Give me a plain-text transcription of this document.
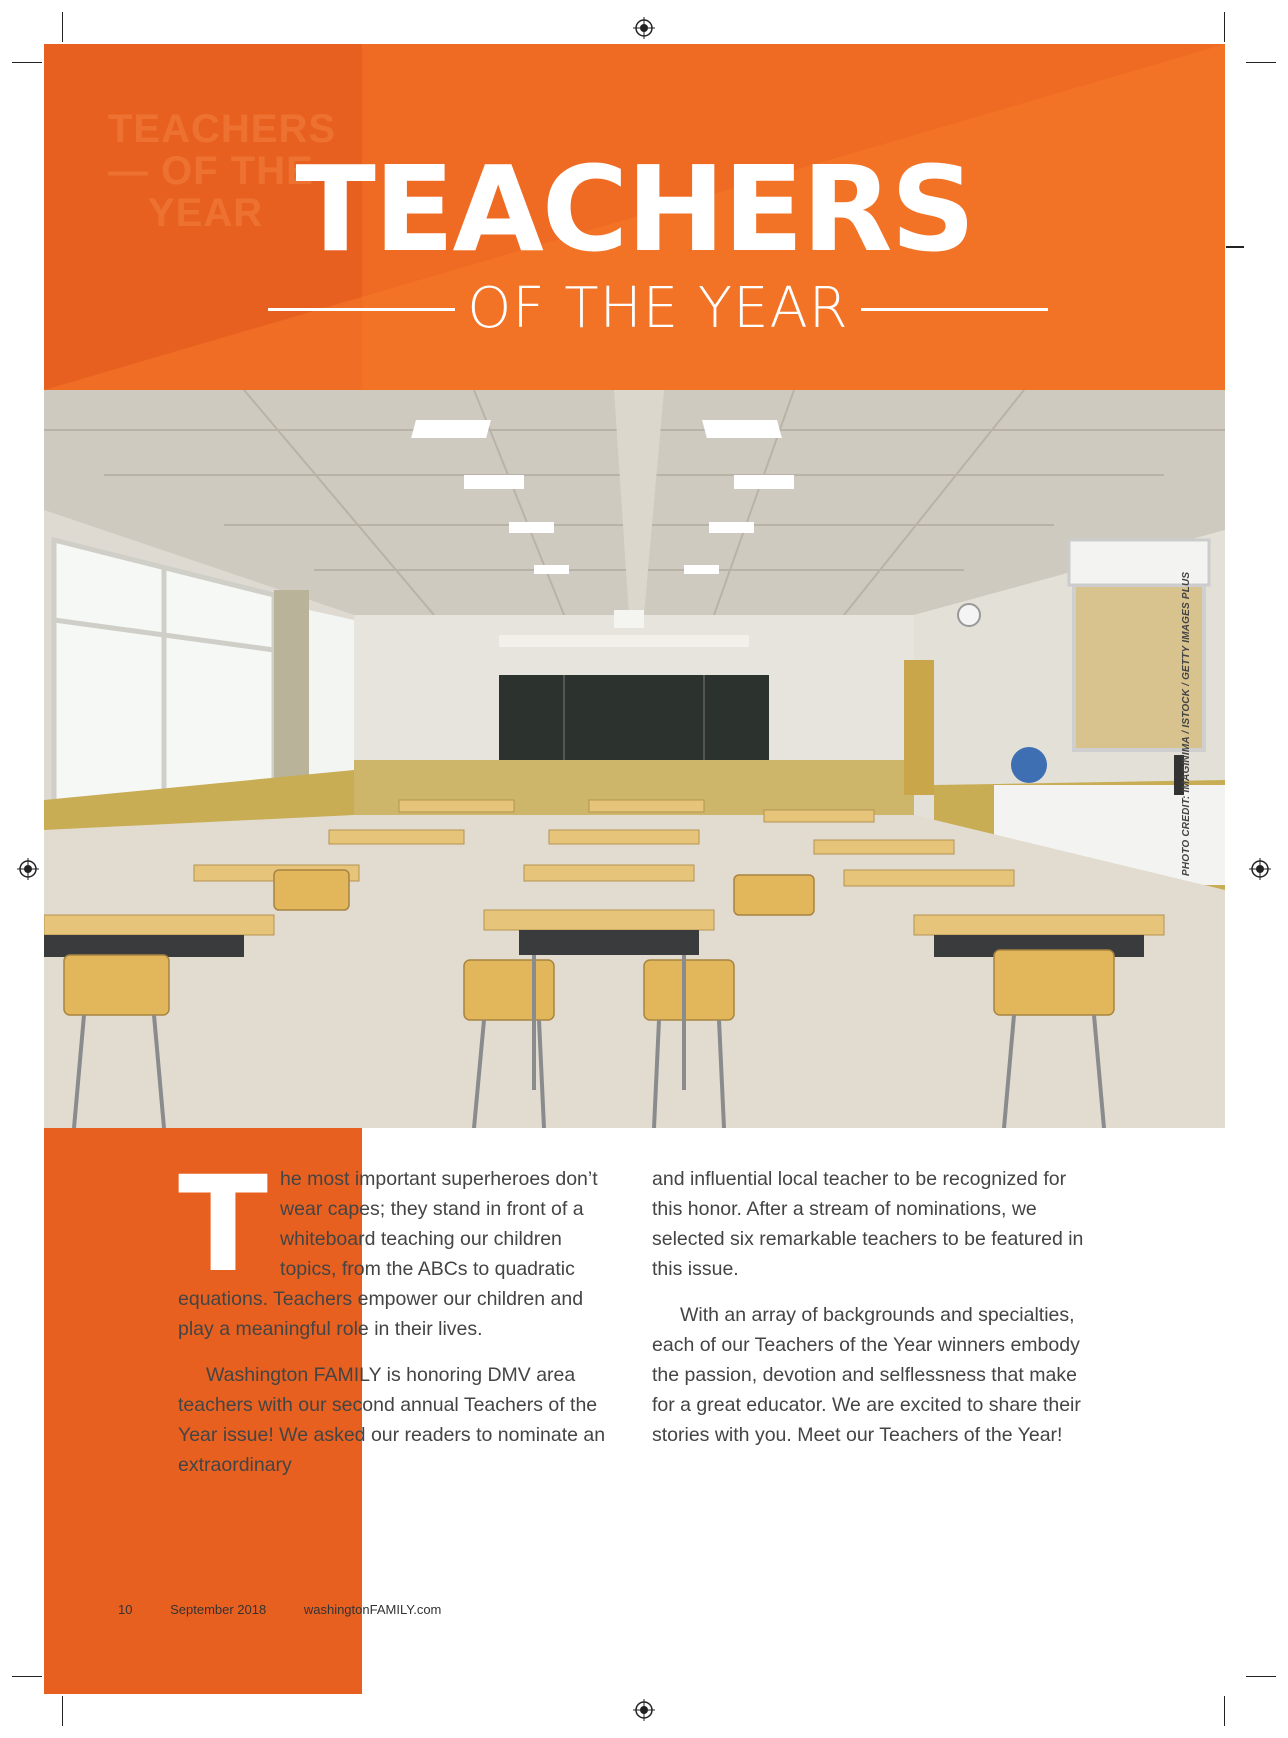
TEACHERS
— OF THE
YEAR TEACHERS
OF THE YEAR
PHOTO CREDIT: IMAGINIMA / ISTOCK / GETTY IMAGES PLUS

T he most important superheroes don’t wear capes; they stand in front of a whiteboard teaching our children topics, from the ABCs to quadratic equations. Teachers empower our children and play a meaningful role in their lives.

Washington FAMILY is honoring DMV area teachers with our second annual Teachers of the Year issue! We asked our readers to nominate an extraordinary

and influential local teacher to be recognized for this honor. After a stream of nominations, we selected six remarkable teachers to be featured in this issue.

With an array of backgrounds and specialties, each of our Teachers of the Year winners embody the passion, devotion and selflessness that make for a great educator. We are excited to share their stories with you. Meet our Teachers of the Year!

10	September 2018	washingtonFAMILY.com
